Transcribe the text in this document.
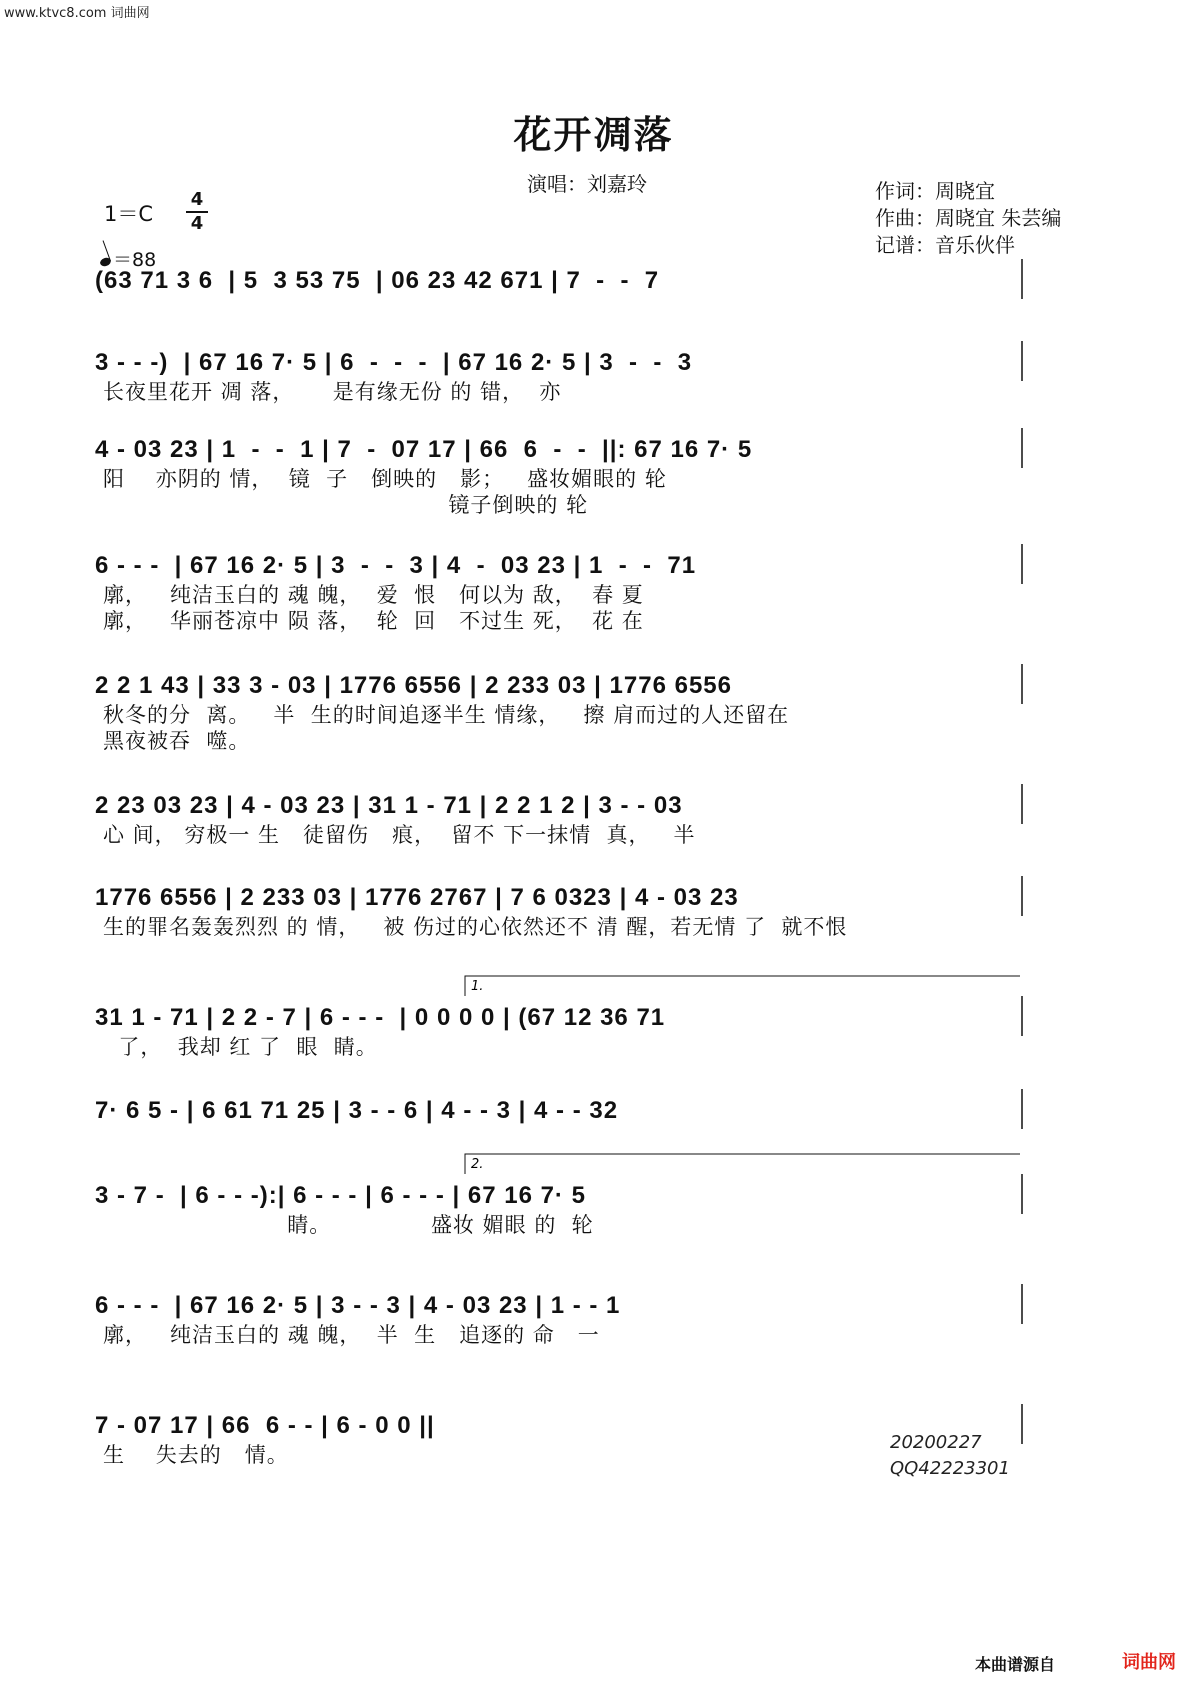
www.ktvc8.com 词曲网
花开凋落
演唱：刘嘉玲	作词：周晓宜
作曲：周晓宜 朱芸编
记谱：音乐伙伴
1＝C
4
4
＝88
(63 71 3 6  | 5  3 53 75  | 06 23 42 671 | 7  -  -  7
3 - - -)  | 67 16 7· 5 | 6  -  -  -  | 67 16 2· 5 | 3  -  -  3
长夜里花开 凋 落，     是有缘无份 的 错，  亦
4 - 03 23 | 1  -  -  1 | 7  -  07 17 | 66  6  -  -  ||: 67 16 7· 5
阳    亦阴的 情，  镜  子   倒映的   影；   盛妆媚眼的 轮
镜子倒映的 轮
6 - - -  | 67 16 2· 5 | 3  -  -  3 | 4  -  03 23 | 1  -  -  71
廓，   纯洁玉白的 魂 魄，  爱  恨   何以为 敌，  春 夏
廓，   华丽苍凉中 陨 落，  轮  回   不过生 死，  花 在
2 2 1 43 | 33 3 - 03 | 1776 6556 | 2 233 03 | 1776 6556
秋冬的分  离。   半  生的时间追逐半生 情缘，   擦 肩而过的人还留在
黑夜被吞  噬。
2 23 03 23 | 4 - 03 23 | 31 1 - 71 | 2 2 1 2 | 3 - - 03
心 间， 穷极一 生   徒留伤   痕，  留不 下一抹情  真，   半
1776 6556 | 2 233 03 | 1776 2767 | 7 6 0323 | 4 - 03 23
生的罪名轰轰烈烈 的 情，   被 伤过的心依然还不 清 醒，若无情 了  就不恨
1.
31 1 - 71 | 2 2 - 7 | 6 - - -  | 0 0 0 0 | (67 12 36 71
了，  我却 红 了  眼  睛。
7· 6 5 - | 6 61 71 25 | 3 - - 6 | 4 - - 3 | 4 - - 32
2.
3 - 7 -  | 6 - - -):| 6 - - - | 6 - - - | 67 16 7· 5
睛。             盛妆 媚眼 的  轮
6 - - -  | 67 16 2· 5 | 3 - - 3 | 4 - 03 23 | 1 - - 1
廓，   纯洁玉白的 魂 魄，  半  生   追逐的 命   一
7 - 07 17 | 66  6 - - | 6 - 0 0 ||
生    失去的   情。
20200227
QQ42223301
本曲谱源自	词曲网
